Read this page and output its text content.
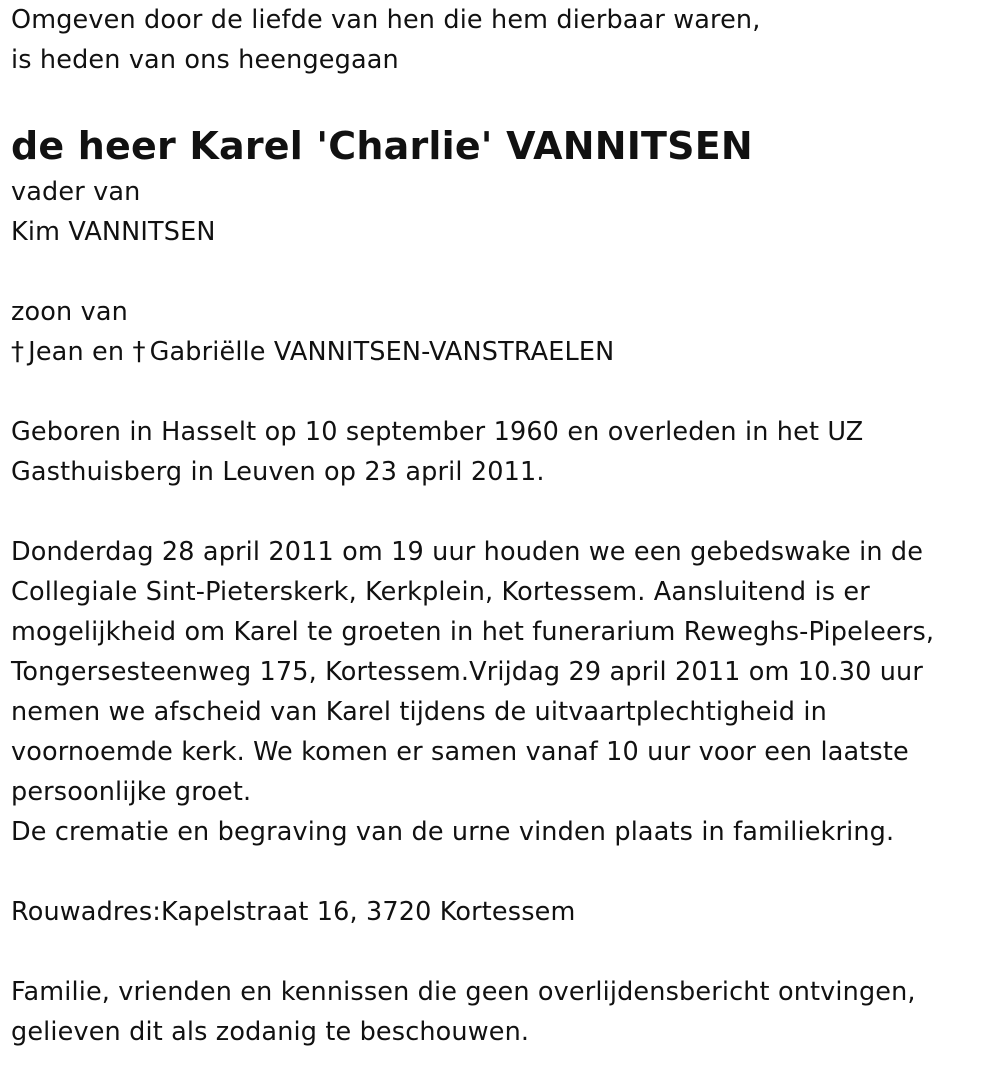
Omgeven door de liefde van hen die hem dierbaar waren,
is heden van ons heengegaan
de heer Karel 'Charlie' VANNITSEN
vader van
Kim VANNITSEN
zoon van
† Jean en † Gabriëlle VANNITSEN-VANSTRAELEN
Geboren in Hasselt op 10 september 1960 en overleden in het UZ
Gasthuisberg in Leuven op 23 april 2011.
Donderdag 28 april 2011 om 19 uur houden we een gebedswake in de
Collegiale Sint-Pieterskerk, Kerkplein, Kortessem. Aansluitend is er
mogelijkheid om Karel te groeten in het funerarium Reweghs-Pipeleers,
Tongersesteenweg 175, Kortessem.Vrijdag 29 april 2011 om 10.30 uur
nemen we afscheid van Karel tijdens de uitvaartplechtigheid in
voornoemde kerk. We komen er samen vanaf 10 uur voor een laatste
persoonlijke groet.
De crematie en begraving van de urne vinden plaats in familiekring.
Rouwadres:Kapelstraat 16, 3720 Kortessem
Familie, vrienden en kennissen die geen overlijdensbericht ontvingen,
gelieven dit als zodanig te beschouwen.
